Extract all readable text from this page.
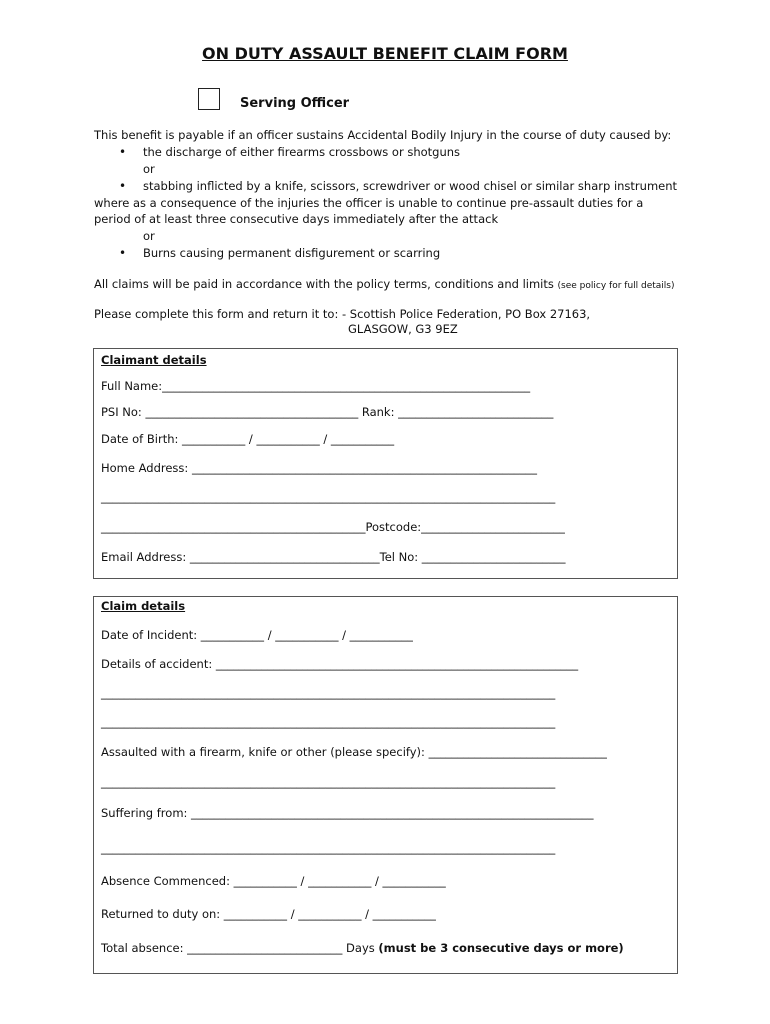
ON DUTY ASSAULT BENEFIT CLAIM FORM
Serving Officer
This benefit is payable if an officer sustains Accidental Bodily Injury in the course of duty caused by:
• the discharge of either firearms crossbows or shotguns
or
• stabbing inflicted by a knife, scissors, screwdriver or wood chisel or similar sharp instrument
where as a consequence of the injuries the officer is unable to continue pre-assault duties for a
period of at least three consecutive days immediately after the attack
or
• Burns causing permanent disfigurement or scarring
All claims will be paid in accordance with the policy terms, conditions and limits (see policy for full details)
Please complete this form and return it to: - Scottish Police Federation, PO Box 27163,
GLASGOW, G3 9EZ
Claimant details
Full Name:________________________________________________________________
PSI No: _____________________________________ Rank: ___________________________
Date of Birth: ___________ / ___________ / ___________
Home Address: ____________________________________________________________
_______________________________________________________________________________
______________________________________________Postcode:_________________________
Email Address: _________________________________Tel No: _________________________
Claim details
Date of Incident: ___________ / ___________ / ___________
Details of accident: _______________________________________________________________
_______________________________________________________________________________
_______________________________________________________________________________
Assaulted with a firearm, knife or other (please specify): _______________________________
_______________________________________________________________________________
Suffering from: ______________________________________________________________________
_______________________________________________________________________________
Absence Commenced: ___________ / ___________ / ___________
Returned to duty on: ___________ / ___________ / ___________
Total absence: ___________________________ Days (must be 3 consecutive days or more)
